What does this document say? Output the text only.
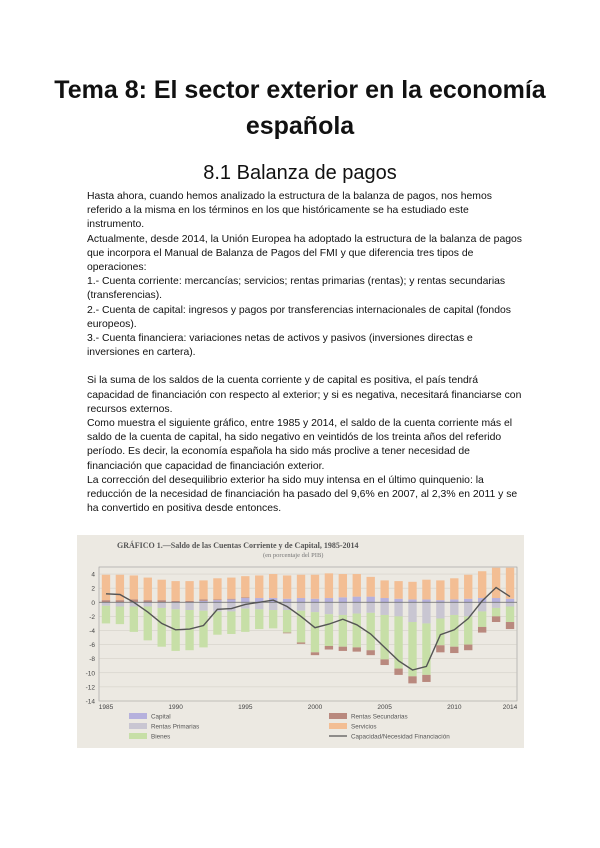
Tema 8: El sector exterior en la economía española
8.1 Balanza de pagos

Hasta ahora, cuando hemos analizado la estructura de la balanza de pagos, nos hemos referido a la misma en los términos en los que históricamente se ha estudiado este instrumento.

Actualmente, desde 2014, la Unión Europea ha adoptado la estructura de la balanza de pagos que incorpora el Manual de Balanza de Pagos del FMI y que diferencia tres tipos de operaciones:

1.- Cuenta corriente: mercancías; servicios; rentas primarias (rentas); y rentas secundarias (transferencias).

2.- Cuenta de capital: ingresos y pagos por transferencias internacionales de capital (fondos europeos).

3.- Cuenta financiera: variaciones netas de activos y pasivos (inversiones directas e inversiones en cartera).

Si la suma de los saldos de la cuenta corriente y de capital es positiva, el país tendrá capacidad de financiación con respecto al exterior; y si es negativa, necesitará financiarse con recursos externos.

Como muestra el siguiente gráfico, entre 1985 y 2014, el saldo de la cuenta corriente más el saldo de la cuenta de capital, ha sido negativo en veintidós de los treinta años del referido período. Es decir, la economía española ha sido más proclive a tener necesidad de financiación que capacidad de financiación exterior.

La corrección del desequilibrio exterior ha sido muy intensa en el último quinquenio: la reducción de la necesidad de financiación ha pasado del 9,6% en 2007, al 2,3% en 2011 y se ha convertido en positiva desde entonces.

GRÁFICO 1.—Saldo de las Cuentas Corriente y de Capital, 1985-2014
(en porcentaje del PIB)
4
2
0
-2
-4
-6
-8
-10
-12
-14
1985	1990	1995	2000	2005	2010	2014
Capital	Rentas Secundarias
Rentas Primarias	Servicios
Bienes	Capacidad/Necesidad Financiación
